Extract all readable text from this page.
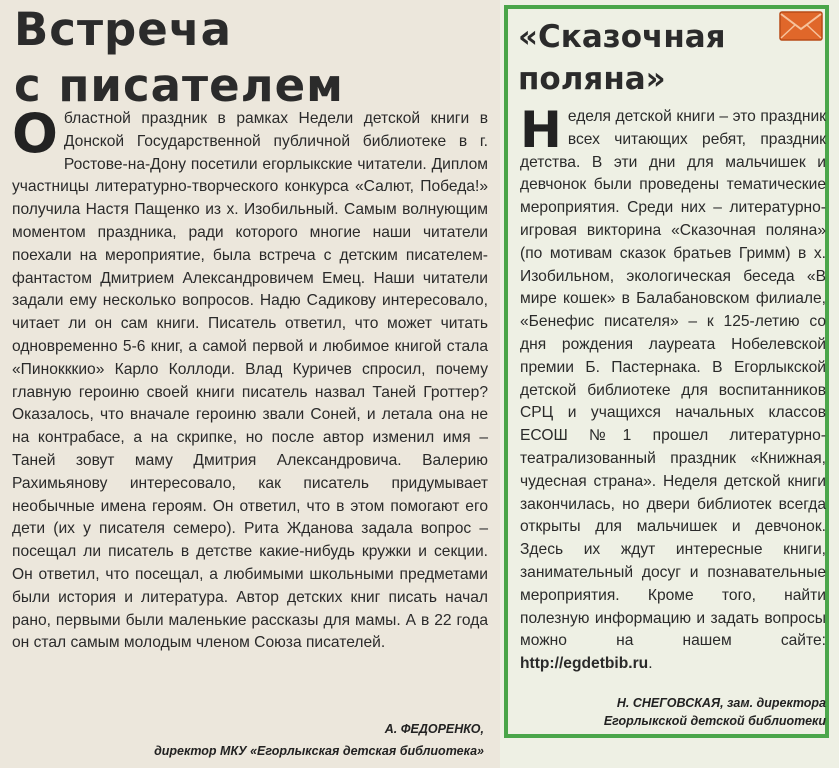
Встреча
с писателем
Областной праздник в рамках Недели детской книги в Донской Государственной публичной библиотеке в г. Ростове-на-Дону посетили егорлыкские читатели. Диплом участницы литературно-творческого конкурса «Салют, Победа!» получила Настя Пащенко из х. Изобильный. Самым волнующим моментом праздника, ради которого многие наши читатели поехали на мероприятие, была встреча с детским писателем-фантастом Дмитрием Александровичем Емец. Наши читатели задали ему несколько вопросов. Надю Садикову интересовало, читает ли он сам книги. Писатель ответил, что может читать одновременно 5-6 книг, а самой первой и любимое книгой стала «Пинокккио» Карло Коллоди. Влад Куричев спросил, почему главную героиню своей книги писатель назвал Таней Гроттер? Оказалось, что вначале героиню звали Соней, и летала она не на контрабасе, а на скрипке, но после автор изменил имя – Таней зовут маму Дмитрия Александровича. Валерию Рахимьянову интересовало, как писатель придумывает необычные имена героям. Он ответил, что в этом помогают его дети (их у писателя семеро). Рита Жданова задала вопрос – посещал ли писатель в детстве какие-нибудь кружки и секции. Он ответил, что посещал, а любимыми школьными предметами были история и литература. Автор детских книг писать начал рано, первыми были маленькие рассказы для мамы. А в 22 года он стал самым молодым членом Союза писателей.
А. ФЕДОРЕНКО,
директор МКУ «Егорлыкская детская библиотека»
«Сказочная
поляна»
Неделя детской книги – это праздник всех читающих ребят, праздник детства. В эти дни для мальчишек и девчонок были проведены тематические мероприятия. Среди них – литературно-игровая викторина «Сказочная поляна» (по мотивам сказок братьев Гримм) в х. Изобильном, экологическая беседа «В мире кошек» в Балабановском филиале, «Бенефис писателя» – к 125-летию со дня рождения лауреата Нобелевской премии Б. Пастернака. В Егорлыкской детской библиотеке для воспитанников СРЦ и учащихся начальных классов ЕСОШ №1 прошел литературно-театрализованный праздник «Книжная, чудесная страна». Неделя детской книги закончилась, но двери библиотек всегда открыты для мальчишек и девчонок. Здесь их ждут интересные книги, занимательный досуг и познавательные мероприятия. Кроме того, найти полезную информацию и задать вопросы можно на нашем сайте: http://egdetbib.ru.
Н. СНЕГОВСКАЯ, зам. директора
Егорлыкской детской библиотеки
